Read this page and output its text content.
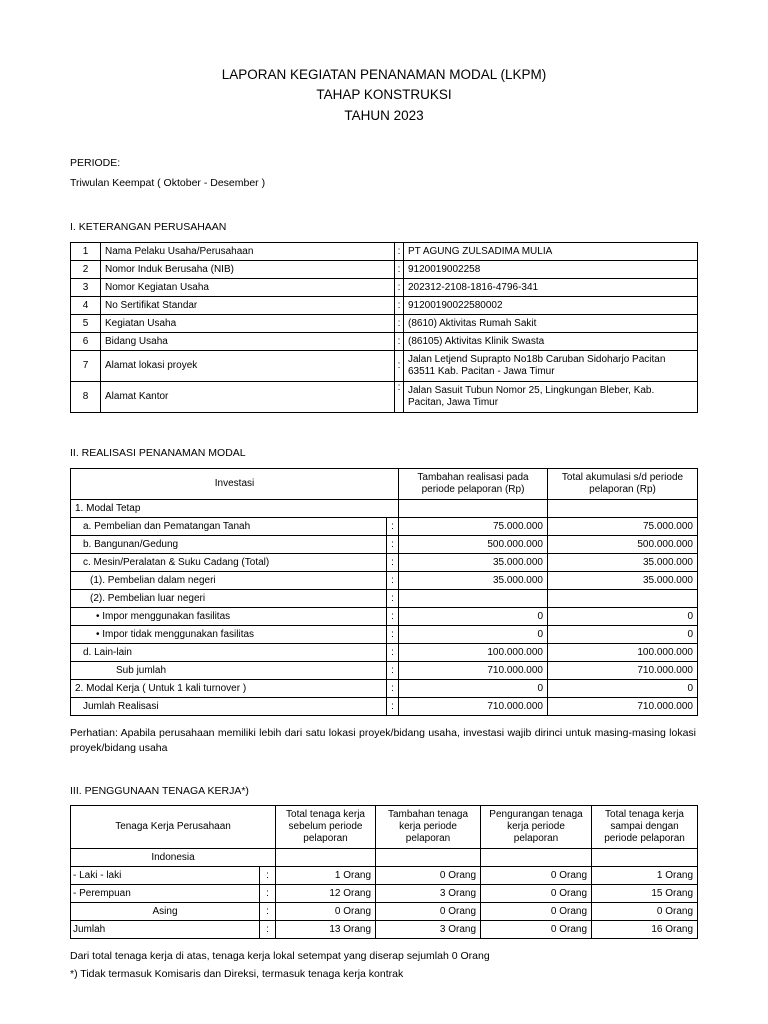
LAPORAN KEGIATAN PENANAMAN MODAL (LKPM)
TAHAP KONSTRUKSI
TAHUN 2023
PERIODE:
Triwulan Keempat ( Oktober - Desember )
I. KETERANGAN PERUSAHAAN
1	Nama Pelaku Usaha/Perusahaan	:	PT AGUNG ZULSADIMA MULIA
2	Nomor Induk Berusaha (NIB)	:	9120019002258
3	Nomor Kegiatan Usaha	:	202312-2108-1816-4796-341
4	No Sertifikat Standar	:	91200190022580002
5	Kegiatan Usaha	:	(8610) Aktivitas Rumah Sakit
6	Bidang Usaha	:	(86105) Aktivitas Klinik Swasta
7	Alamat lokasi proyek	:	Jalan Letjend Suprapto No18b Caruban Sidoharjo Pacitan 63511 Kab. Pacitan - Jawa Timur
8	Alamat Kantor	:	Jalan Sasuit Tubun Nomor 25, Lingkungan Bleber, Kab. Pacitan, Jawa Timur
II. REALISASI PENANAMAN MODAL
Investasi		Tambahan realisasi pada periode pelaporan (Rp)	Total akumulasi s/d periode pelaporan (Rp)
1. Modal Tetap			
a. Pembelian dan Pematangan Tanah	:	75.000.000	75.000.000
b. Bangunan/Gedung	:	500.000.000	500.000.000
c. Mesin/Peralatan & Suku Cadang (Total)	:	35.000.000	35.000.000
(1). Pembelian dalam negeri	:	35.000.000	35.000.000
(2). Pembelian luar negeri	:		
• Impor menggunakan fasilitas	:	0	0
• Impor tidak menggunakan fasilitas	:	0	0
d. Lain-lain	:	100.000.000	100.000.000
Sub jumlah	:	710.000.000	710.000.000
2. Modal Kerja ( Untuk 1 kali turnover )	:	0	0
Jumlah Realisasi	:	710.000.000	710.000.000
Perhatian: Apabila perusahaan memiliki lebih dari satu lokasi proyek/bidang usaha, investasi wajib dirinci untuk masing-masing lokasi proyek/bidang usaha
III. PENGGUNAAN TENAGA KERJA*)
Tenaga Kerja Perusahaan		Total tenaga kerja sebelum periode pelaporan	Tambahan tenaga kerja periode pelaporan	Pengurangan tenaga kerja periode pelaporan	Total tenaga kerja sampai dengan periode pelaporan
Indonesia					
- Laki - laki	:	1 Orang	0 Orang	0 Orang	1 Orang
- Perempuan	:	12 Orang	3 Orang	0 Orang	15 Orang
Asing	:	0 Orang	0 Orang	0 Orang	0 Orang
Jumlah	:	13 Orang	3 Orang	0 Orang	16 Orang
Dari total tenaga kerja di atas, tenaga kerja lokal setempat yang diserap sejumlah 0 Orang
*) Tidak termasuk Komisaris dan Direksi, termasuk tenaga kerja kontrak
